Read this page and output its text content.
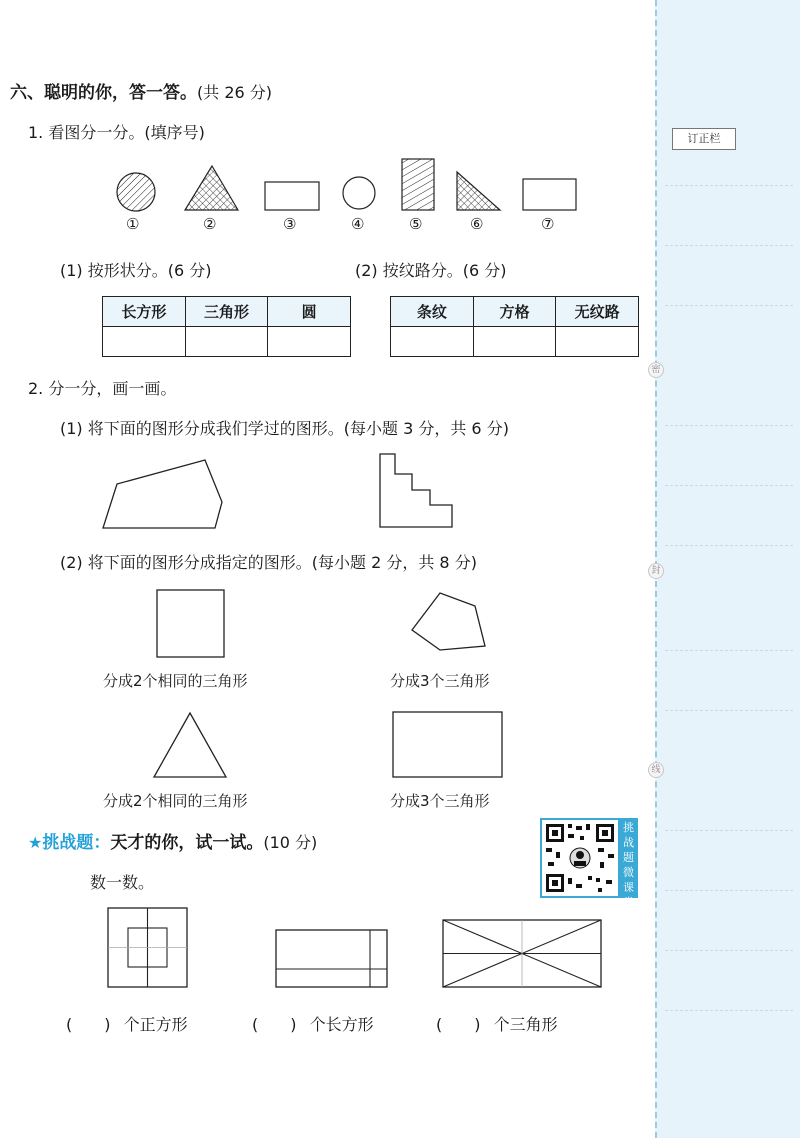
订正栏
密
封
线
六、聪明的你，答一答。(共 26 分)
1. 看图分一分。(填序号)
①	②	③	④	⑤	⑥	⑦
(1) 按形状分。(6 分)	(2) 按纹路分。(6 分)
长方形	三角形	圆
			条纹	方格	无纹路

2. 分一分，画一画。
(1) 将下面的图形分成我们学过的图形。(每小题 3 分，共 6 分)
(2) 将下面的图形分成指定的图形。(每小题 2 分，共 8 分)
分成2个相同的三角形	分成3个三角形
分成2个相同的三角形	分成3个三角形
★挑战题：天才的你，试一试。(10 分)
挑战题微课堂
数一数。
(　　) 个正方形	(　　) 个长方形	(　　) 个三角形
